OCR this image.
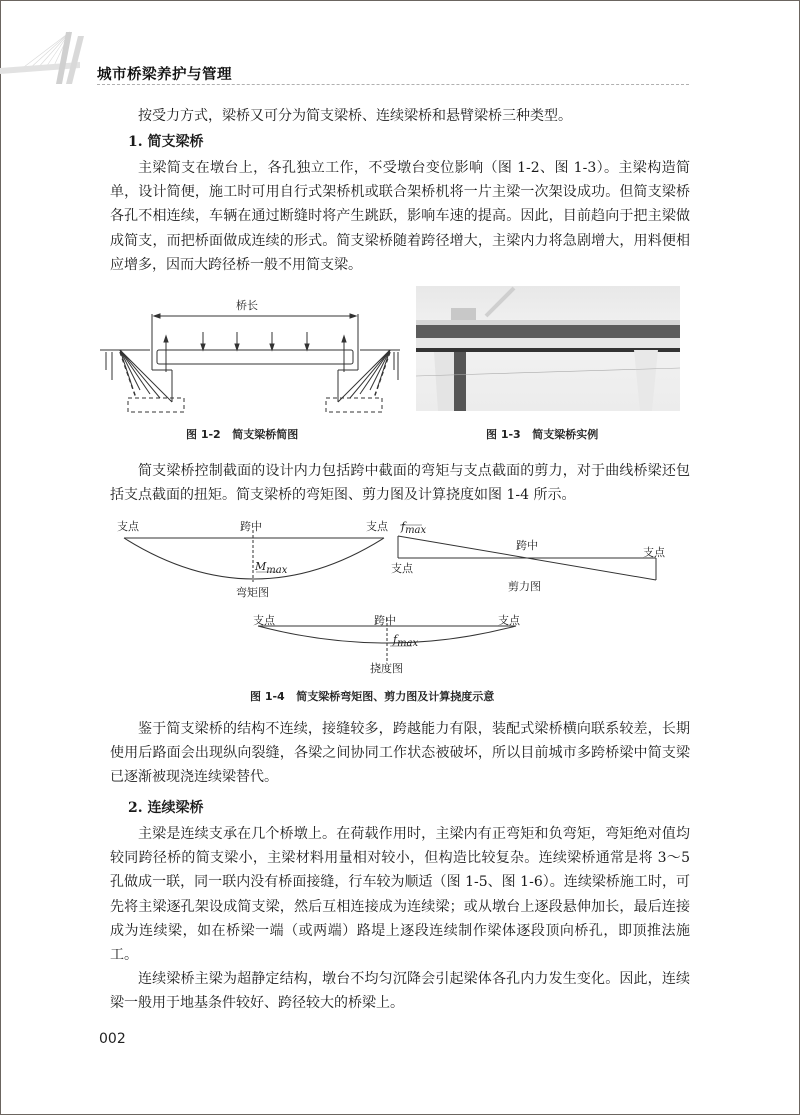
城市桥梁养护与管理

按受力方式，梁桥又可分为简支梁桥、连续梁桥和悬臂梁桥三种类型。

1. 简支梁桥

主梁简支在墩台上，各孔独立工作，不受墩台变位影响（图 1-2、图 1-3）。主梁构造简单，设计简便，施工时可用自行式架桥机或联合架桥机将一片主梁一次架设成功。但简支梁桥各孔不相连续，车辆在通过断缝时将产生跳跃，影响车速的提高。因此，目前趋向于把主梁做成简支，而把桥面做成连续的形式。简支梁桥随着跨径增大，主梁内力将急剧增大，用料便相应增多，因而大跨径桥一般不用简支梁。

桥长
图 1-2   简支梁桥简图	图 1-3   简支梁桥实例

简支梁桥控制截面的设计内力包括跨中截面的弯矩与支点截面的剪力，对于曲线桥梁还包括支点截面的扭矩。简支梁桥的弯矩图、剪力图及计算挠度如图 1-4 所示。

支点	跨中	支点
$M_{max}$
弯矩图
$f_{max}$
跨中
支点
支点
剪力图
支点	跨中	支点
$f_{max}$
挠度图
图 1-4   简支梁桥弯矩图、剪力图及计算挠度示意

鉴于简支梁桥的结构不连续，接缝较多，跨越能力有限，装配式梁桥横向联系较差，长期使用后路面会出现纵向裂缝，各梁之间协同工作状态被破坏，所以目前城市多跨桥梁中简支梁已逐渐被现浇连续梁替代。

2. 连续梁桥

主梁是连续支承在几个桥墩上。在荷载作用时，主梁内有正弯矩和负弯矩，弯矩绝对值均较同跨径桥的简支梁小，主梁材料用量相对较小，但构造比较复杂。连续梁桥通常是将 3～5 孔做成一联，同一联内没有桥面接缝，行车较为顺适（图 1-5、图 1-6）。连续梁桥施工时，可先将主梁逐孔架设成简支梁，然后互相连接成为连续梁；或从墩台上逐段悬伸加长，最后连接成为连续梁，如在桥梁一端（或两端）路堤上逐段连续制作梁体逐段顶向桥孔，即顶推法施工。

连续梁桥主梁为超静定结构，墩台不均匀沉降会引起梁体各孔内力发生变化。因此，连续梁一般用于地基条件较好、跨径较大的桥梁上。

002
